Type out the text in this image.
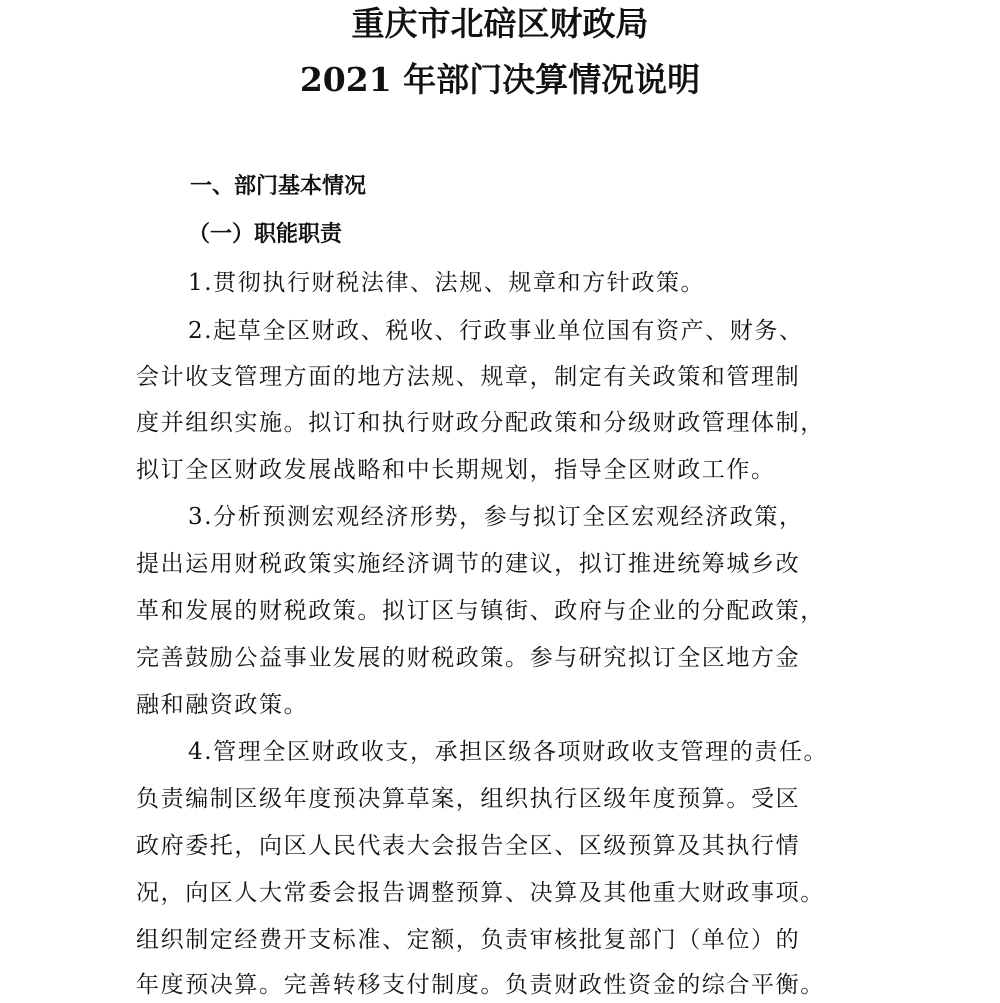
重庆市北碚区财政局
2021 年部门决算情况说明
一、部门基本情况
（一）职能职责

1.贯彻执行财税法律、法规、规章和方针政策。

2.起草全区财政、税收、行政事业单位国有资产、财务、

会计收支管理方面的地方法规、规章，制定有关政策和管理制

度并组织实施。拟订和执行财政分配政策和分级财政管理体制，

拟订全区财政发展战略和中长期规划，指导全区财政工作。

3.分析预测宏观经济形势，参与拟订全区宏观经济政策，

提出运用财税政策实施经济调节的建议，拟订推进统筹城乡改

革和发展的财税政策。拟订区与镇街、政府与企业的分配政策，

完善鼓励公益事业发展的财税政策。参与研究拟订全区地方金

融和融资政策。

4.管理全区财政收支，承担区级各项财政收支管理的责任。

负责编制区级年度预决算草案，组织执行区级年度预算。受区

政府委托，向区人民代表大会报告全区、区级预算及其执行情

况，向区人大常委会报告调整预算、决算及其他重大财政事项。

组织制定经费开支标准、定额，负责审核批复部门（单位）的

年度预决算。完善转移支付制度。负责财政性资金的综合平衡。
